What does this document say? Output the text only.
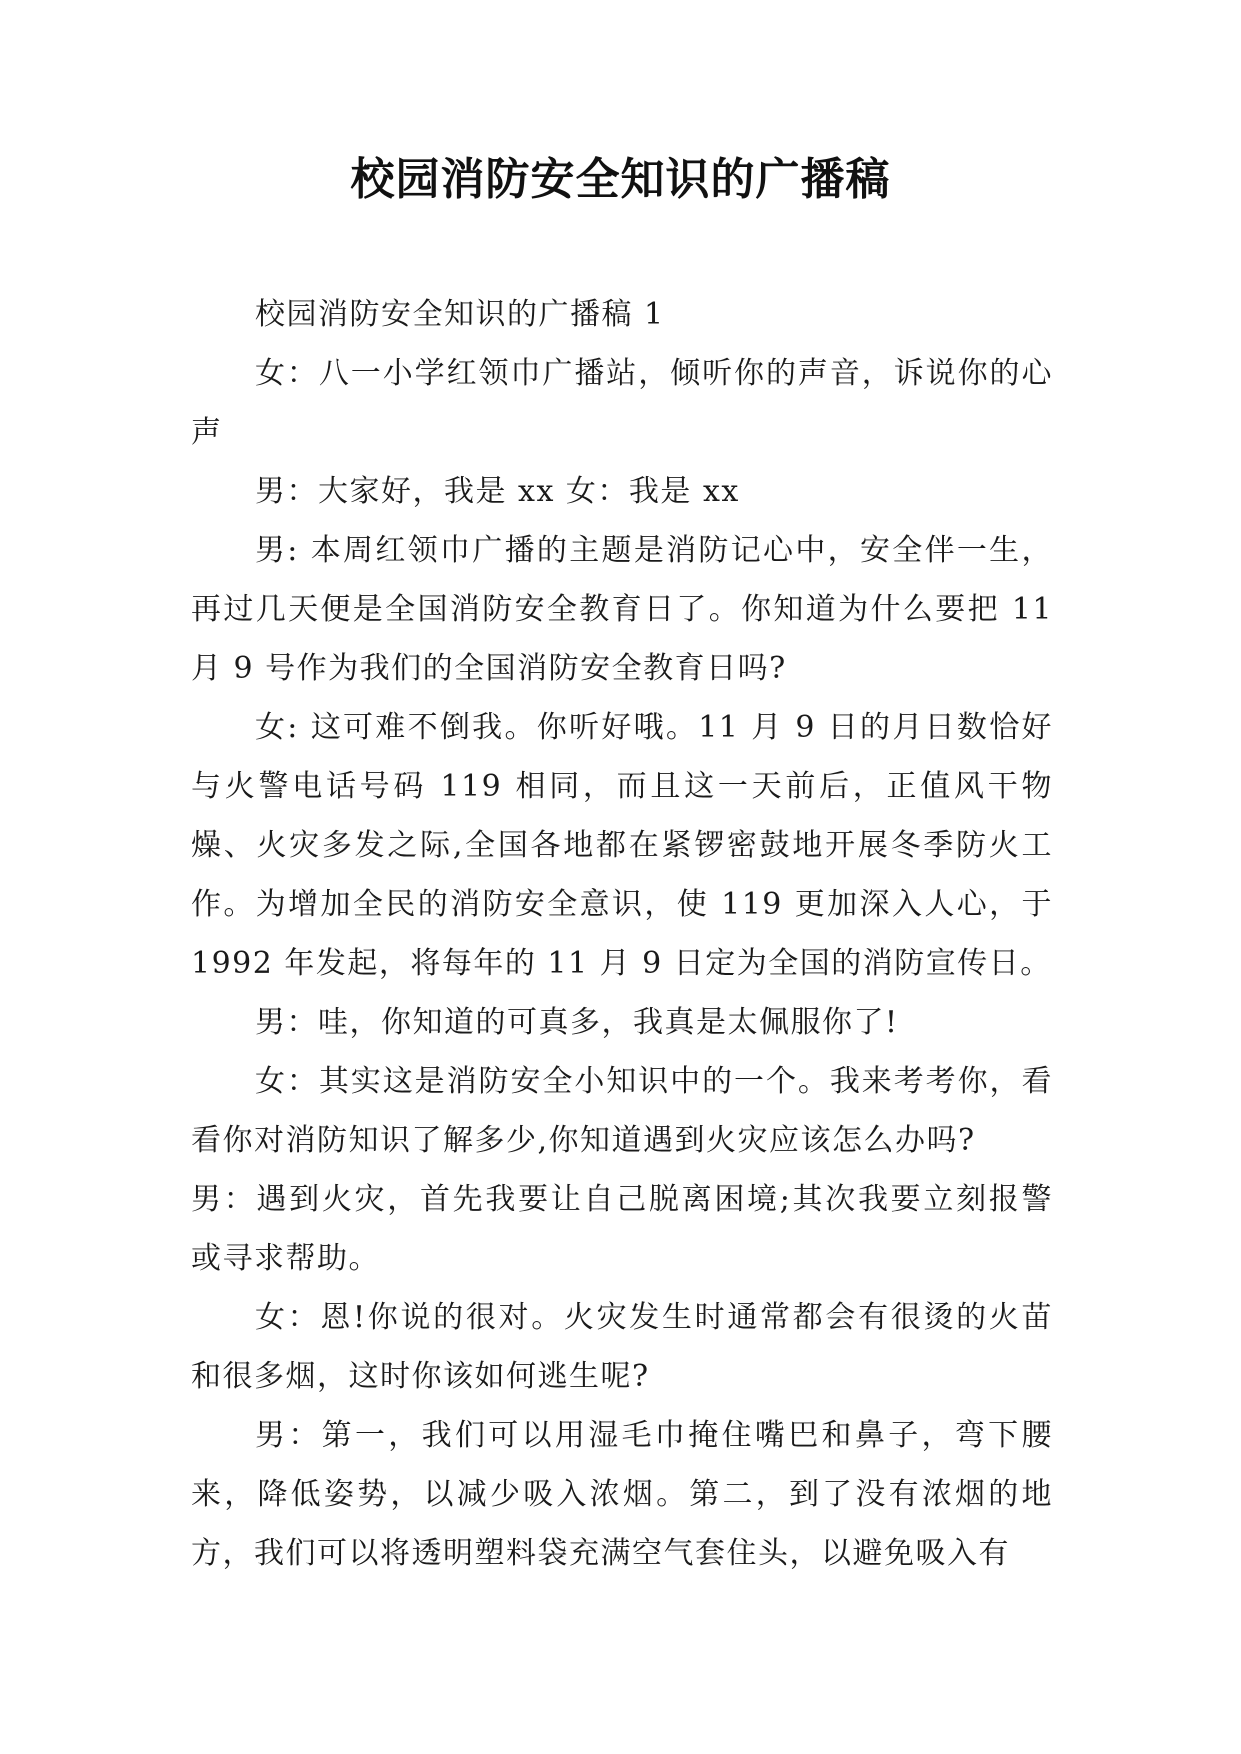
校园消防安全知识的广播稿

校园消防安全知识的广播稿 1

女：八一小学红领巾广播站，倾听你的声音，诉说你的心声

男：大家好，我是 xx 女：我是 xx

男: 本周红领巾广播的主题是消防记心中，安全伴一生，再过几天便是全国消防安全教育日了。你知道为什么要把 11 月 9 号作为我们的全国消防安全教育日吗?

女: 这可难不倒我。你听好哦。11 月 9 日的月日数恰好与火警电话号码 119 相同，而且这一天前后，正值风干物燥、火灾多发之际,全国各地都在紧锣密鼓地开展冬季防火工作。为增加全民的消防安全意识，使 119 更加深入人心，于 1992 年发起，将每年的 11 月 9 日定为全国的消防宣传日。

男：哇，你知道的可真多，我真是太佩服你了!

女：其实这是消防安全小知识中的一个。我来考考你，看看你对消防知识了解多少,你知道遇到火灾应该怎么办吗?

男：遇到火灾，首先我要让自己脱离困境;其次我要立刻报警或寻求帮助。

女：恩!你说的很对。火灾发生时通常都会有很烫的火苗和很多烟，这时你该如何逃生呢?

男：第一，我们可以用湿毛巾掩住嘴巴和鼻子，弯下腰来，降低姿势，以减少吸入浓烟。第二，到了没有浓烟的地方，我们可以将透明塑料袋充满空气套住头，以避免吸入有
